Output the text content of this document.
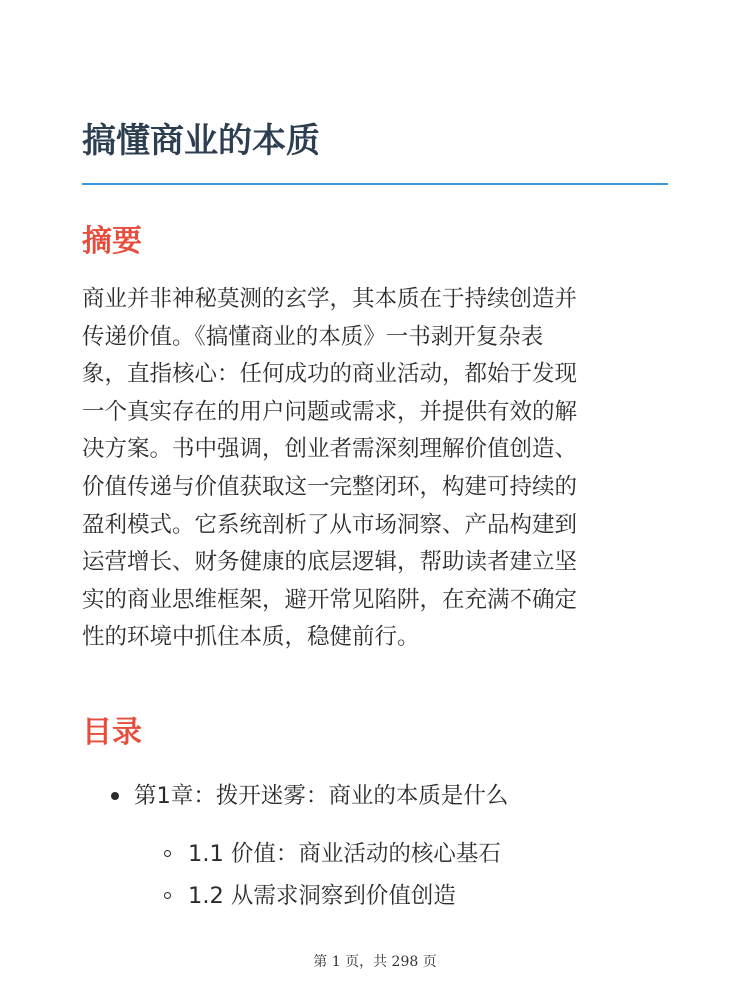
搞懂商业的本质
摘要

商业并非神秘莫测的玄学，其本质在于持续创造并
传递价值。《搞懂商业的本质》一书剥开复杂表
象，直指核心：任何成功的商业活动，都始于发现
一个真实存在的用户问题或需求，并提供有效的解
决方案。书中强调，创业者需深刻理解价值创造、
价值传递与价值获取这一完整闭环，构建可持续的
盈利模式。它系统剖析了从市场洞察、产品构建到
运营增长、财务健康的底层逻辑，帮助读者建立坚
实的商业思维框架，避开常见陷阱，在充满不确定
性的环境中抓住本质，稳健前行。

目录
第1章：拨开迷雾：商业的本质是什么
1.1 价值：商业活动的核心基石
1.2 从需求洞察到价值创造
第 1 页，共 298 页
